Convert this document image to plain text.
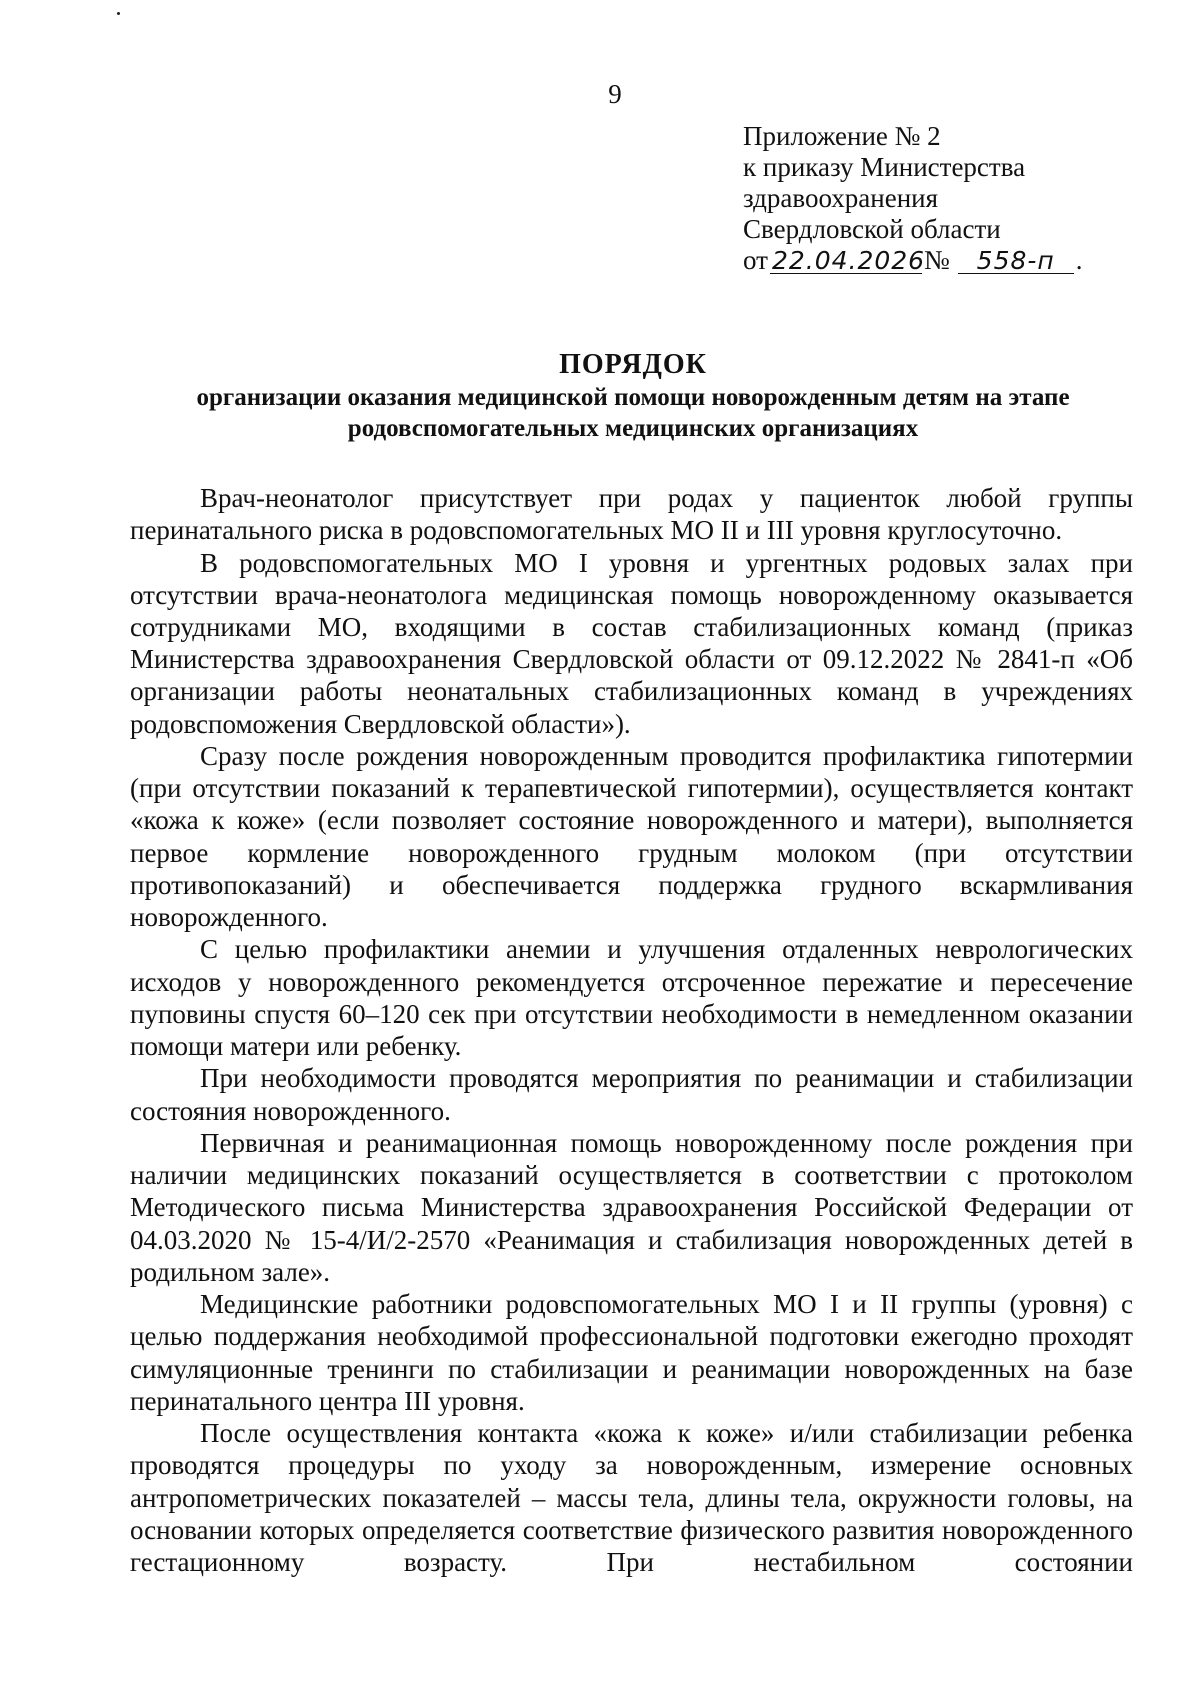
9
Приложение № 2
к приказу Министерства
здравоохранения
Свердловской области
от 22.04.2026№ 558-п .
ПОРЯДОК
организации оказания медицинской помощи новорожденным детям на этапе
родовспомогательных медицинских организациях

Врач-неонатолог присутствует при родах у пациенток любой группы перинатального риска в родовспомогательных МО II и III уровня круглосуточно.

В родовспомогательных МО I уровня и ургентных родовых залах при отсутствии врача-неонатолога медицинская помощь новорожденному оказывается сотрудниками МО, входящими в состав стабилизационных команд (приказ Министерства здравоохранения Свердловской области от 09.12.2022 № 2841-п «Об организации работы неонатальных стабилизационных команд в учреждениях родовспоможения Свердловской области»).

Сразу после рождения новорожденным проводится профилактика гипотермии (при отсутствии показаний к терапевтической гипотермии), осуществляется контакт «кожа к коже» (если позволяет состояние новорожденного и матери), выполняется первое кормление новорожденного грудным молоком (при отсутствии противопоказаний) и обеспечивается поддержка грудного вскармливания новорожденного.

С целью профилактики анемии и улучшения отдаленных неврологических исходов у новорожденного рекомендуется отсроченное пережатие и пересечение пуповины спустя 60–120 сек при отсутствии необходимости в немедленном оказании помощи матери или ребенку.

При необходимости проводятся мероприятия по реанимации и стабилизации состояния новорожденного.

Первичная и реанимационная помощь новорожденному после рождения при наличии медицинских показаний осуществляется в соответствии с протоколом Методического письма Министерства здравоохранения Российской Федерации от 04.03.2020 № 15-4/И/2-2570 «Реанимация и стабилизация новорожденных детей в родильном зале».

Медицинские работники родовспомогательных МО I и II группы (уровня) с целью поддержания необходимой профессиональной подготовки ежегодно проходят симуляционные тренинги по стабилизации и реанимации новорожденных на базе перинатального центра III уровня.

После осуществления контакта «кожа к коже» и/или стабилизации ребенка проводятся процедуры по уходу за новорожденным, измерение основных антропометрических показателей – массы тела, длины тела, окружности головы, на основании которых определяется соответствие физического развития новорожденного гестационному возрасту. При нестабильном состоянии
